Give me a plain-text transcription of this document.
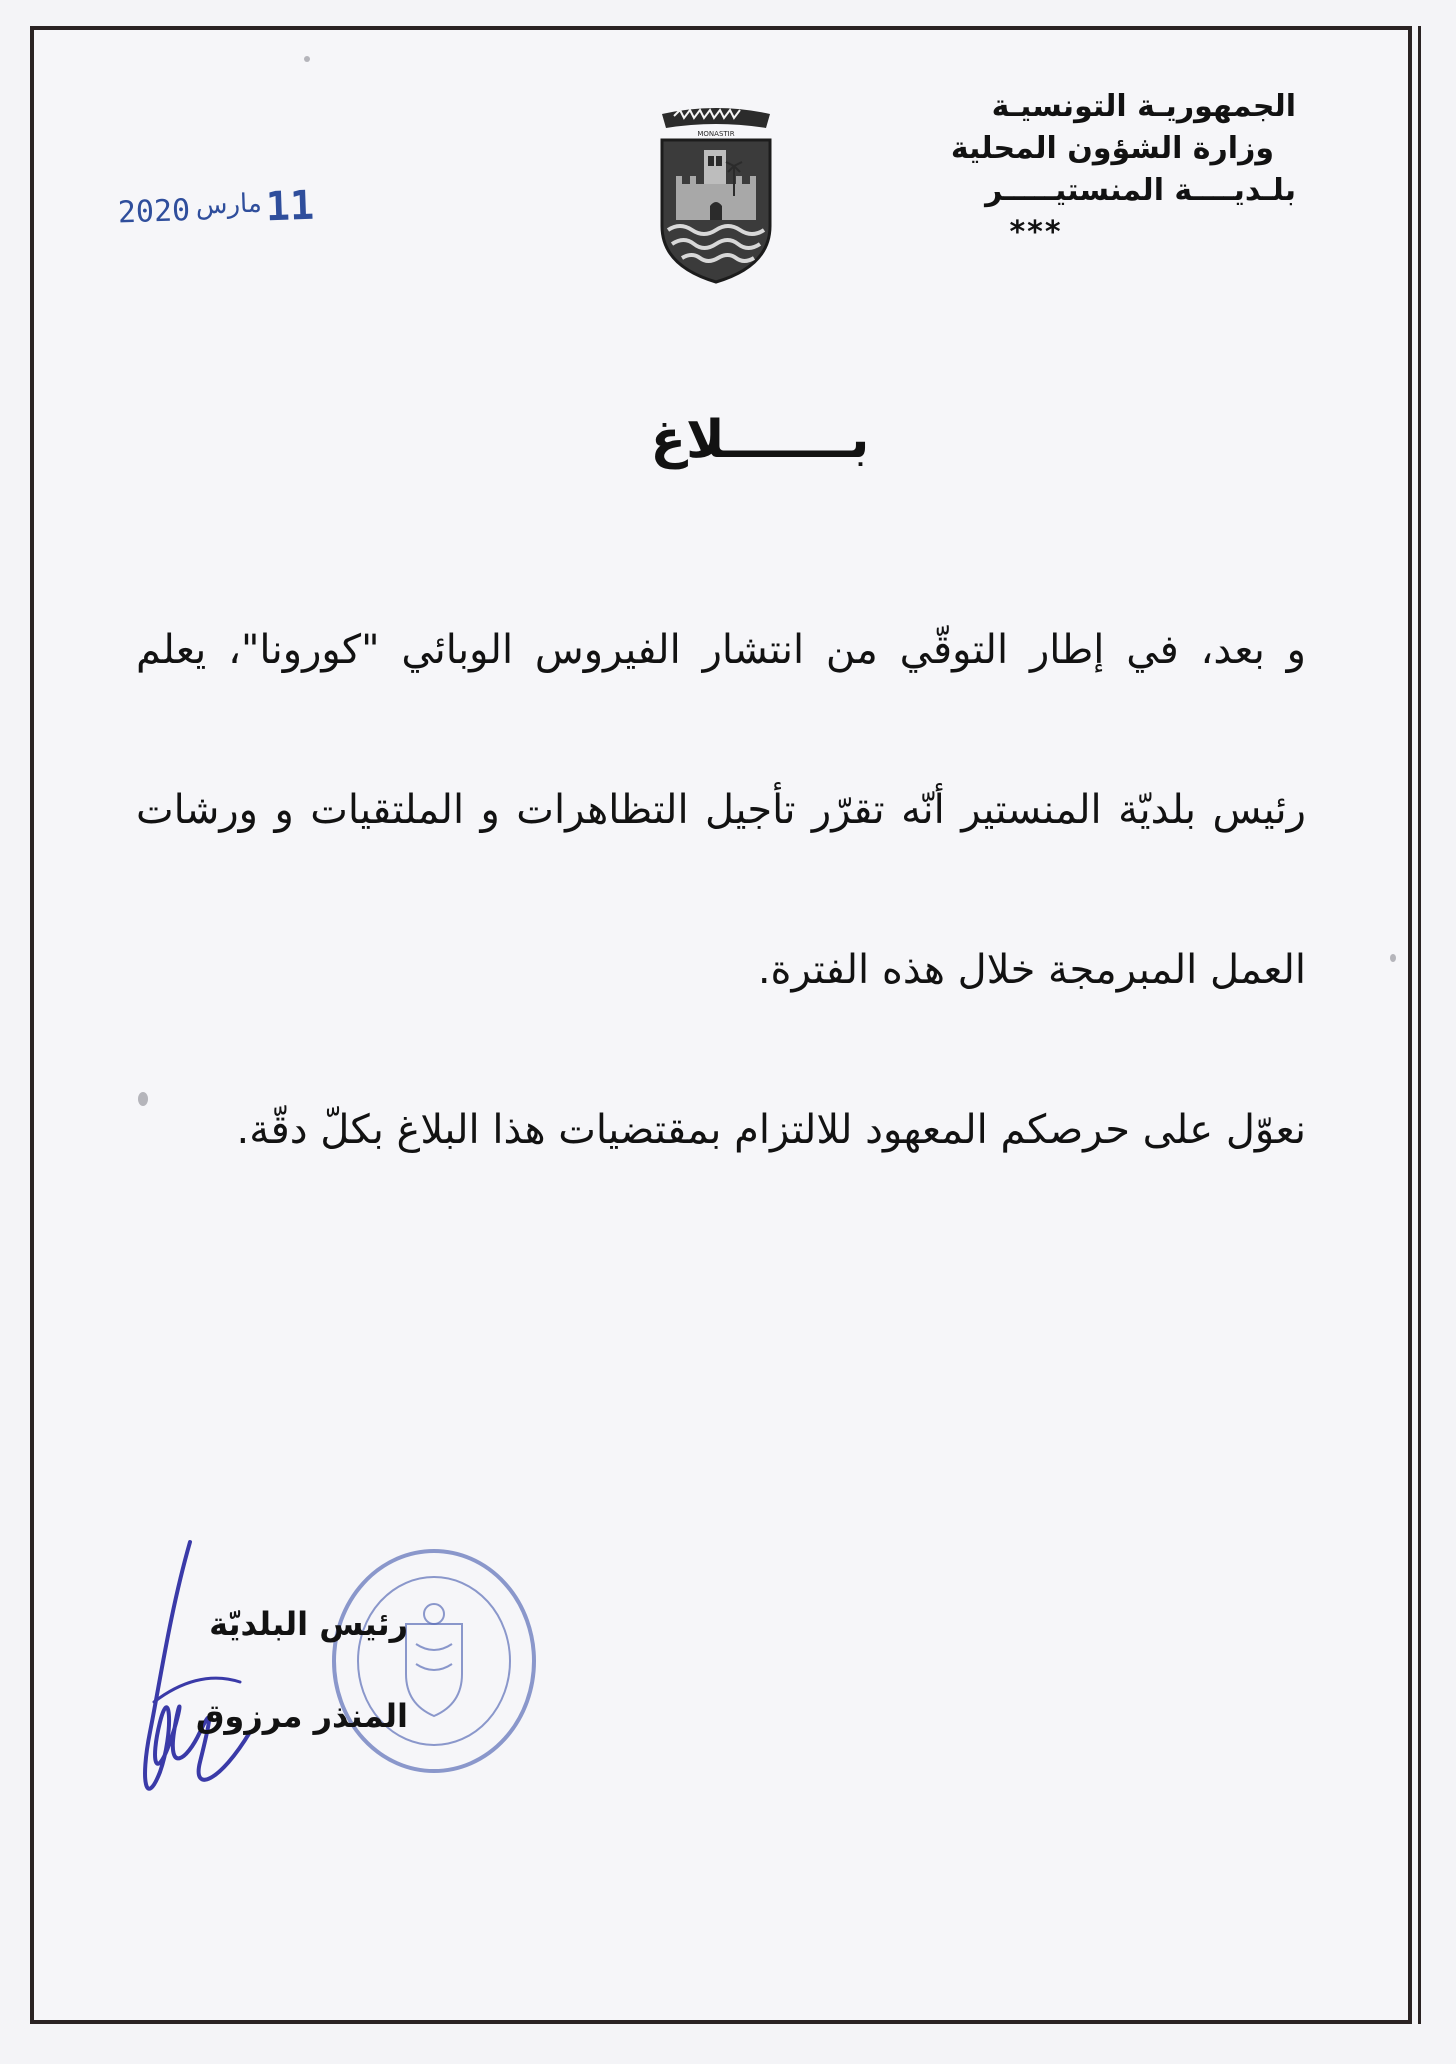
الجمهوريـة التونسيـة
وزارة الشؤون المحلية
بلـديــــة المنستيـــــر
***
MONASTIR
2020 مارس 11
بـــــــلاغ

و بعد، في إطار التوقّي من انتشار الفيروس الوبائي "كورونا"، يعلم رئيس بلديّة المنستير أنّه تقرّر تأجيل التظاهرات و الملتقيات و ورشات العمل المبرمجة خلال هذه الفترة.

نعوّل على حرصكم المعهود للالتزام بمقتضيات هذا البلاغ بكلّ دقّة.

رئيس البلديّة
المنذر مرزوق
